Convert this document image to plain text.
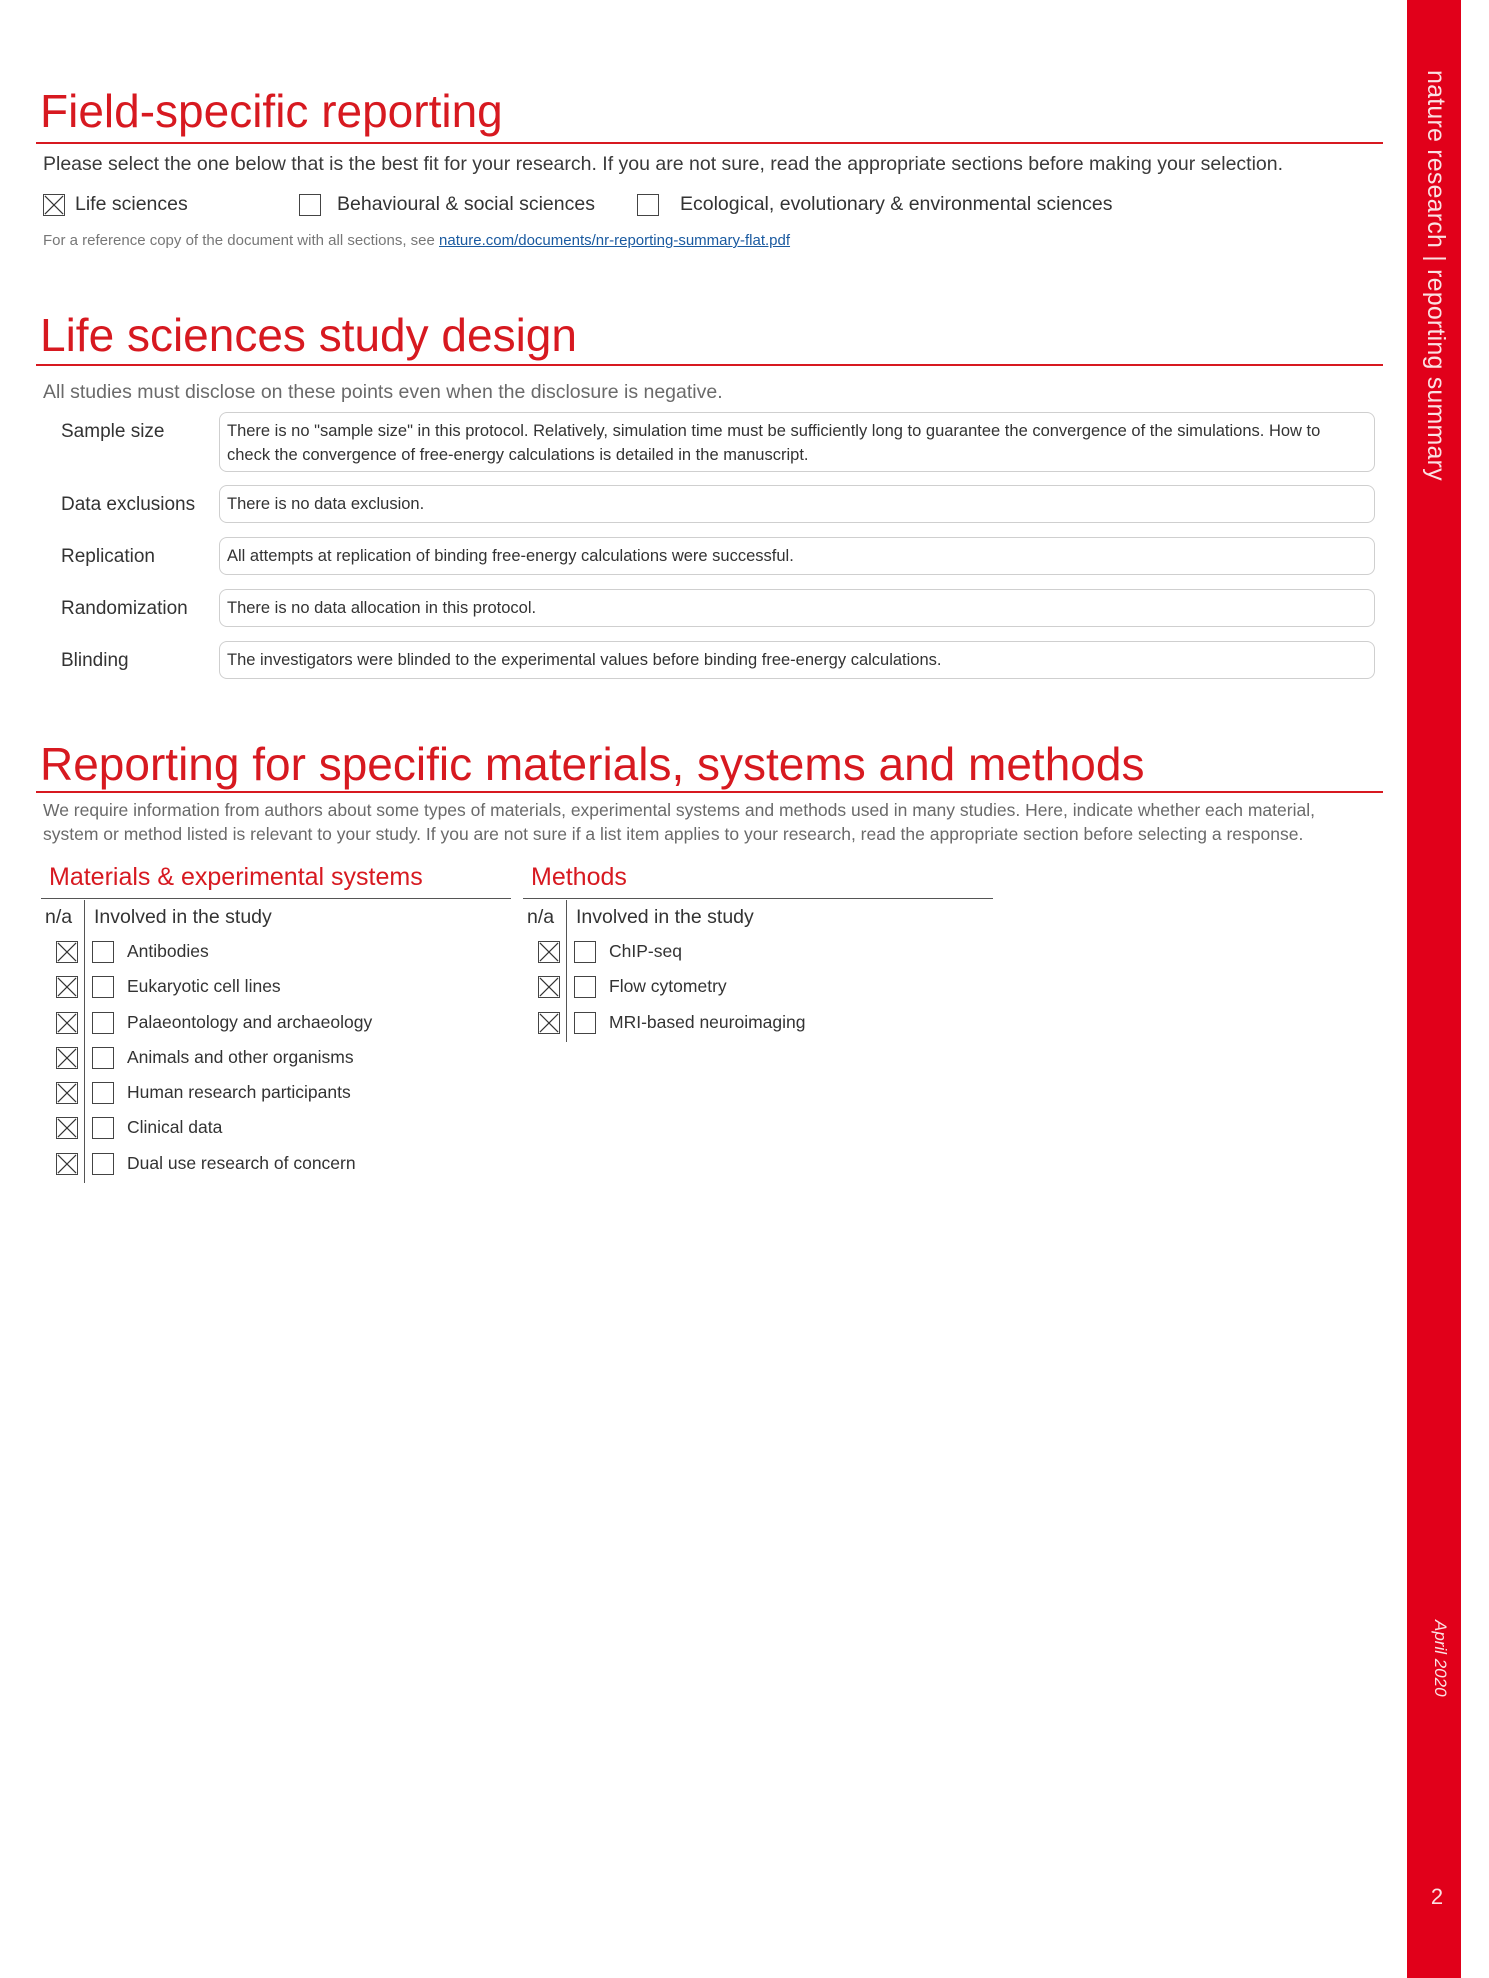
nature research | reporting summary
April 2020
2
Field-specific reporting
Please select the one below that is the best fit for your research. If you are not sure, read the appropriate sections before making your selection.
Life sciences	Behavioural & social sciences	Ecological, evolutionary & environmental sciences
For a reference copy of the document with all sections, see nature.com/documents/nr-reporting-summary-flat.pdf
Life sciences study design
All studies must disclose on these points even when the disclosure is negative.
Sample size	There is no "sample size" in this protocol. Relatively, simulation time must be sufficiently long to guarantee the convergence of the simulations. How to check the convergence of free-energy calculations is detailed in the manuscript.
Data exclusions	There is no data exclusion.
Replication	All attempts at replication of binding free-energy calculations were successful.
Randomization	There is no data allocation in this protocol.
Blinding	The investigators were blinded to the experimental values before binding free-energy calculations.
Reporting for specific materials, systems and methods
We require information from authors about some types of materials, experimental systems and methods used in many studies. Here, indicate whether each material,
system or method listed is relevant to your study. If you are not sure if a list item applies to your research, read the appropriate section before selecting a response.
Materials & experimental systems
n/a Involved in the study
Antibodies
Eukaryotic cell lines
Palaeontology and archaeology
Animals and other organisms
Human research participants
Clinical data
Dual use research of concern
Methods
n/a Involved in the study
ChIP-seq
Flow cytometry
MRI-based neuroimaging
